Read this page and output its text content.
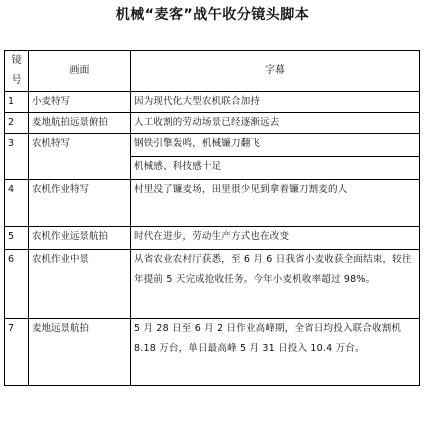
机械“麦客”战午收分镜头脚本
镜号	画面	字幕
1	小麦特写	因为现代化大型农机联合加持
2	麦地航拍远景俯拍	人工收割的劳动场景已经逐渐远去
3	农机特写	钢铁引擎轰鸣，机械镰刀翻飞
		机械感、科技感十足
4	农机作业特写	村里没了镰麦场，田里很少见到拿着镰刀割麦的人
5	农机作业远景航拍	时代在进步，劳动生产方式也在改变
6	农机作业中景	从省农业农村厅获悉，至 6 月 6 日我省小麦收获全面结束，较往年提前 5 天完成抢收任务。今年小麦机收率超过 98%。
7	麦地远景航拍	5 月 28 日至 6 月 2 日作业高峰期，全省日均投入联合收割机 8.18 万台，单日最高峰 5 月 31 日投入 10.4 万台。
